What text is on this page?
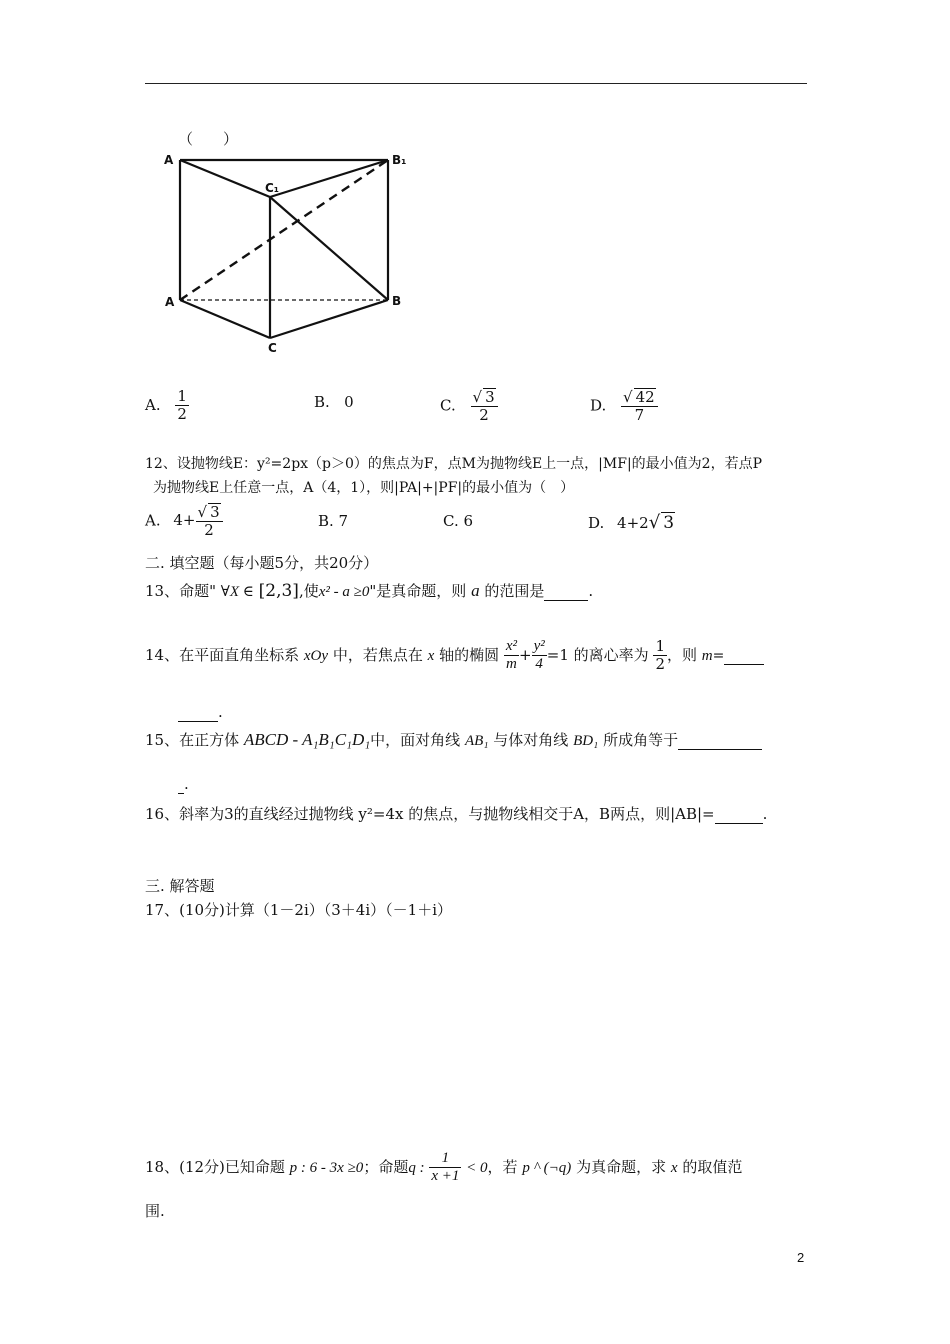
（　　）
A	B₁
C₁
A	B
C
A. $\frac{1}{2}$	B. 0	C. $\frac{√ 3}{2}$	D. $\frac{√ 42}{7}$
12、设抛物线E：y²=2px（p＞0）的焦点为F，点M为抛物线E上一点，|MF|的最小值为2，若点P
为抛物线E上任意一点，A（4，1），则|PA|+|PF|的最小值为（　）
A. $4+ \frac{√ 3}{2}$	B. 7	C. 6	D. 4+2√ 3
二. 填空题（每小题5分，共20分）
13、命题" ∀X ∈ [2,3],使x² - a ≥0"是真命题，则 a 的范围是	.
14、在平面直角坐标系 xOy 中，若焦点在 x 轴的椭圆 $\frac{\text{x²}}{m} + \frac{\text{y²}}{4} =1$ 的离心率为 $\frac{1}{2}$ ，则 m=
.
15、在正方体 ABCD - A₁B₁C₁D₁中，面对角线 AB₁ 与体对角线 BD₁ 所成角等于
.
16、斜率为3的直线经过抛物线 y²=4x 的焦点，与抛物线相交于A，B两点，则|AB|=	.
三. 解答题
17、(10分)计算（1－2i）（3＋4i）（－1＋i）
18、(12分)已知命题 p : 6 - 3x ≥0；命题q : $\frac{1}{x +1} < 0$，若 p ^ (¬q) 为真命题，求 x 的取值范
围.
2
